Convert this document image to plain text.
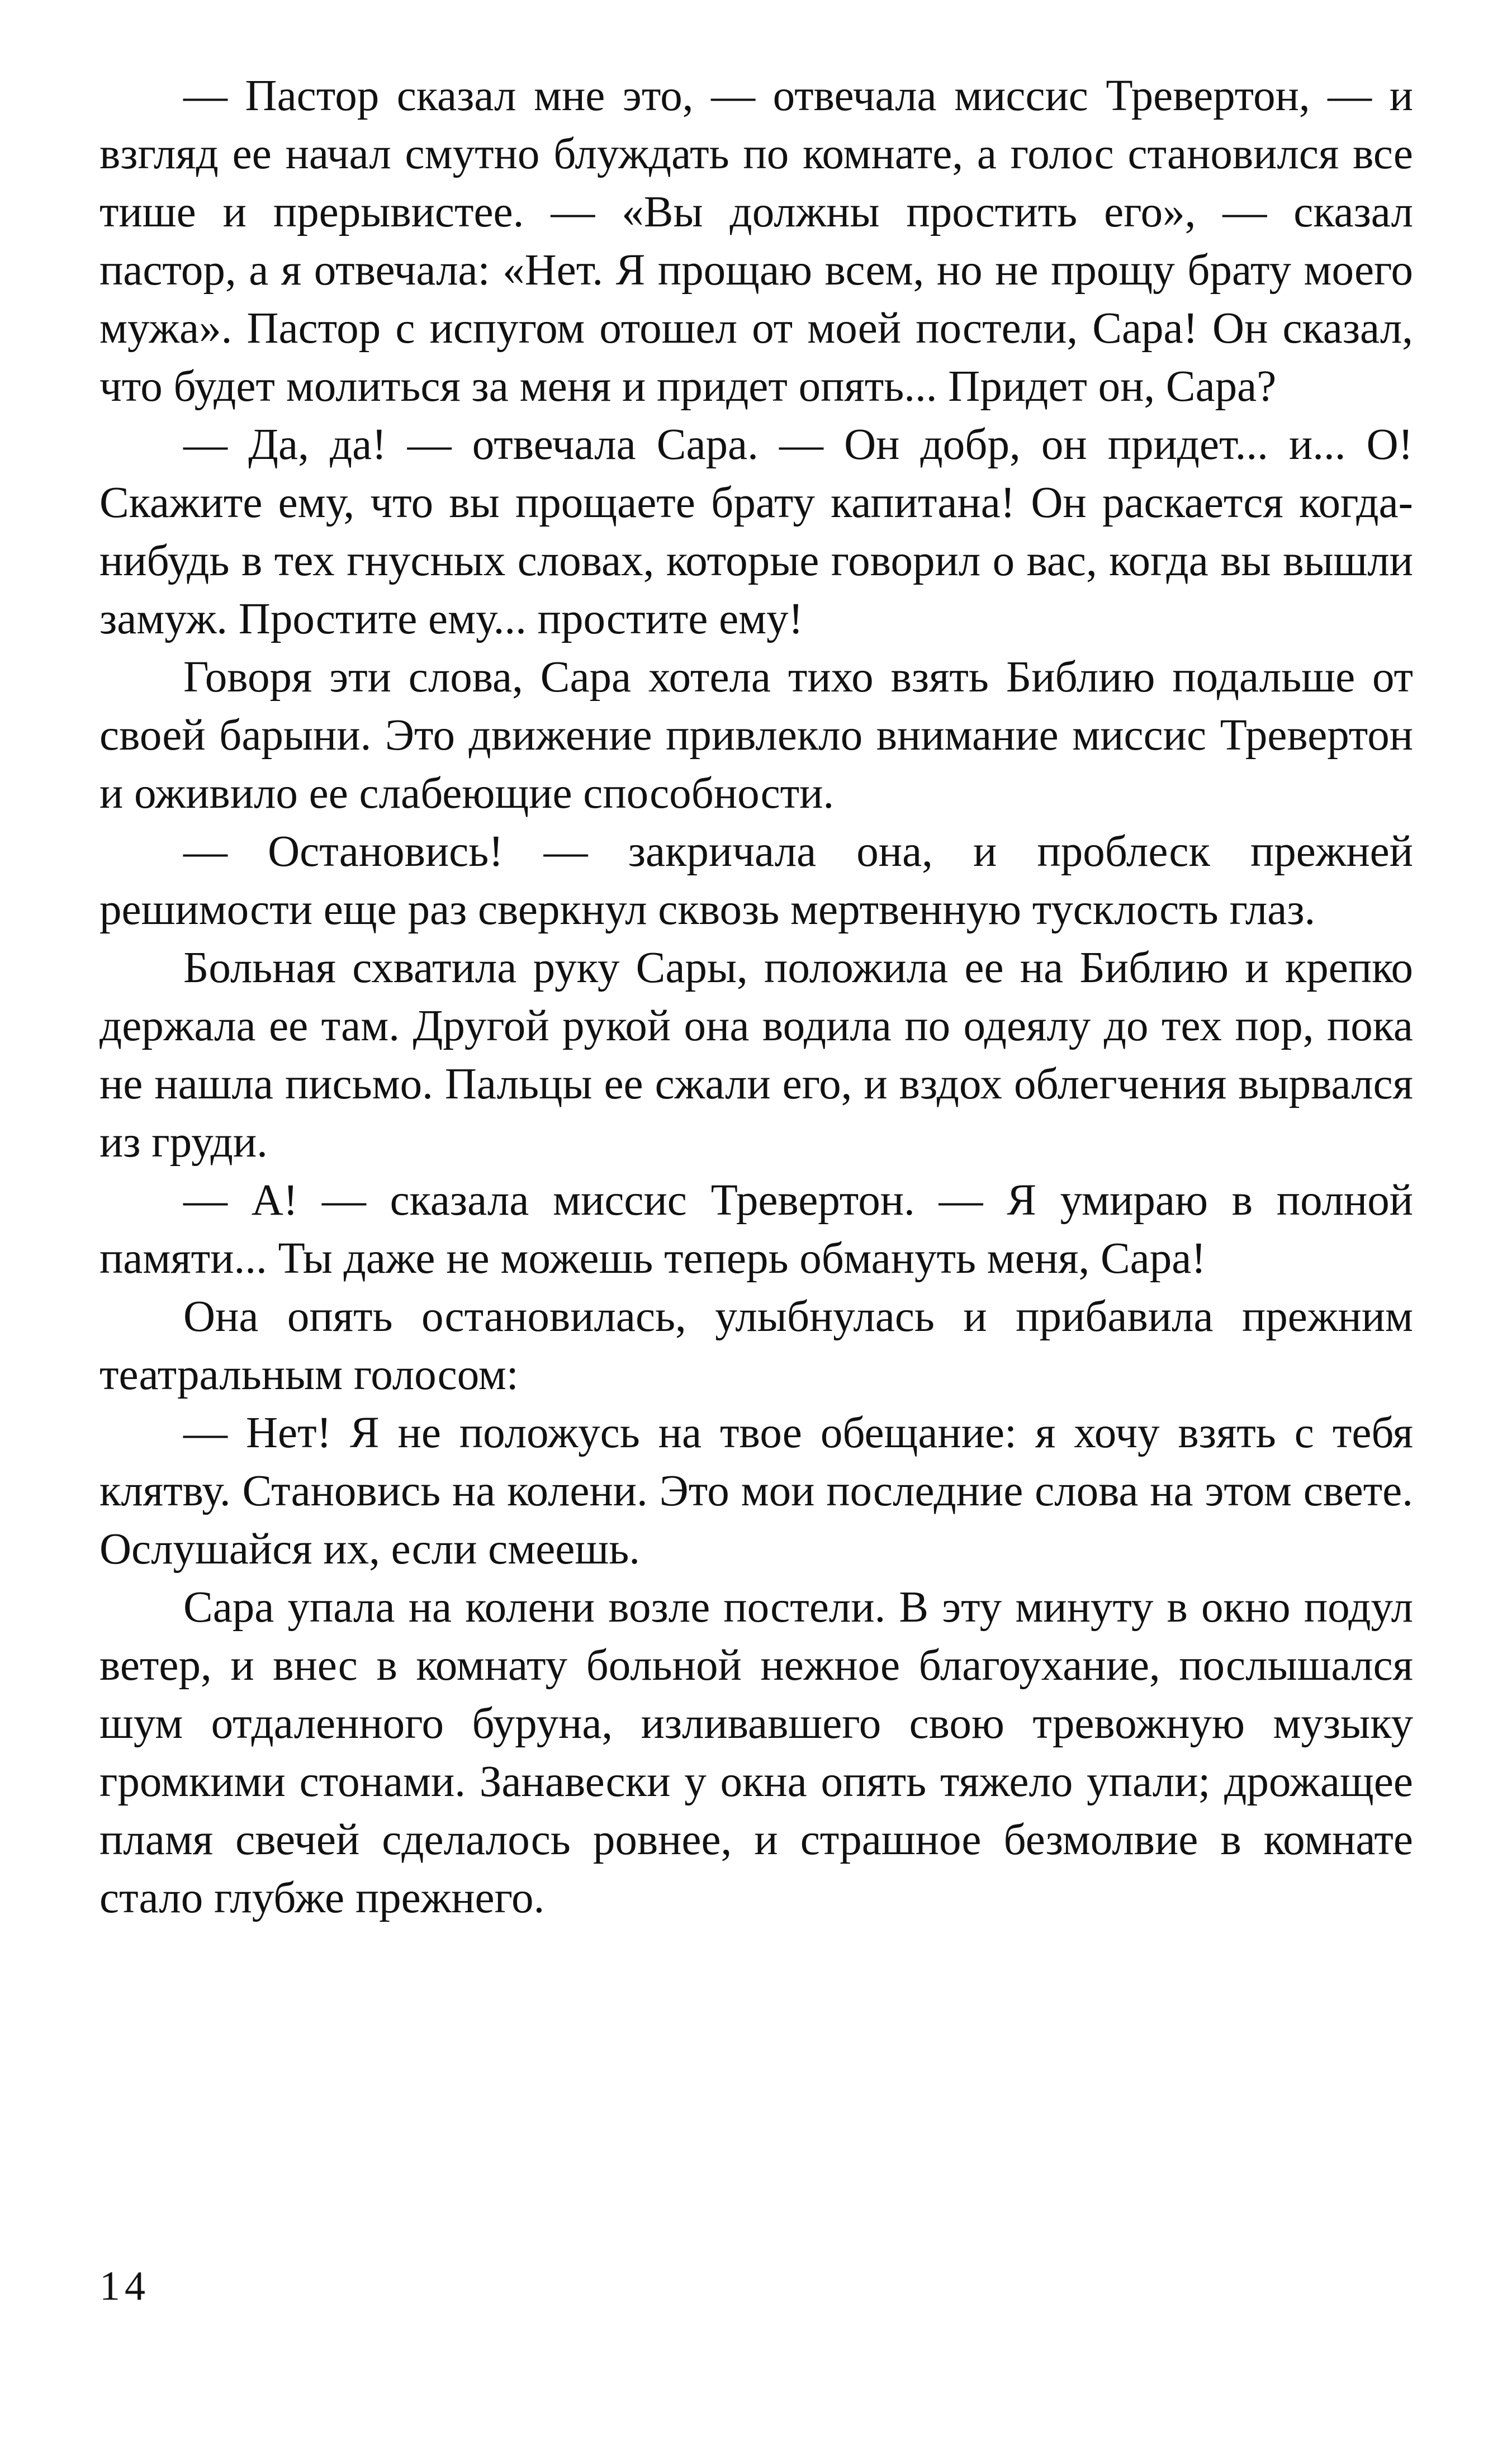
— Пастор сказал мне это, — отвечала миссис Тревертон, — и взгляд ее начал смутно блуждать по комнате, а голос становился все тише и прерывистее. — «Вы должны простить его», — сказал пастор, а я отвечала: «Нет. Я прощаю всем, но не прощу брату моего мужа». Пастор с испугом отошел от моей постели, Сара! Он сказал, что будет молиться за меня и придет опять... Придет он, Сара?

— Да, да! — отвечала Сара. — Он добр, он придет... и... О! Скажите ему, что вы прощаете брату капитана! Он раскается когда-нибудь в тех гнусных словах, которые говорил о вас, когда вы вышли замуж. Простите ему... простите ему!

Говоря эти слова, Сара хотела тихо взять Библию подальше от своей барыни. Это движение привлекло внимание миссис Тревертон и оживило ее слабеющие способности.

— Остановись! — закричала она, и проблеск прежней решимости еще раз сверкнул сквозь мертвенную тусклость глаз.

Больная схватила руку Сары, положила ее на Библию и крепко держала ее там. Другой рукой она водила по одеялу до тех пор, пока не нашла письмо. Пальцы ее сжали его, и вздох облегчения вырвался из груди.

— А! — сказала миссис Тревертон. — Я умираю в полной памяти... Ты даже не можешь теперь обмануть меня, Сара!

Она опять остановилась, улыбнулась и прибавила прежним театральным голосом:

— Нет! Я не положусь на твое обещание: я хочу взять с тебя клятву. Становись на колени. Это мои последние слова на этом свете. Ослушайся их, если смеешь.

Сара упала на колени возле постели. В эту минуту в окно подул ветер, и внес в комнату больной нежное благоухание, послышался шум отдаленного буруна, изливавшего свою тревожную музыку громкими стонами. Занавески у окна опять тяжело упали; дрожащее пламя свечей сделалось ровнее, и страшное безмолвие в комнате стало глубже прежнего.

14
